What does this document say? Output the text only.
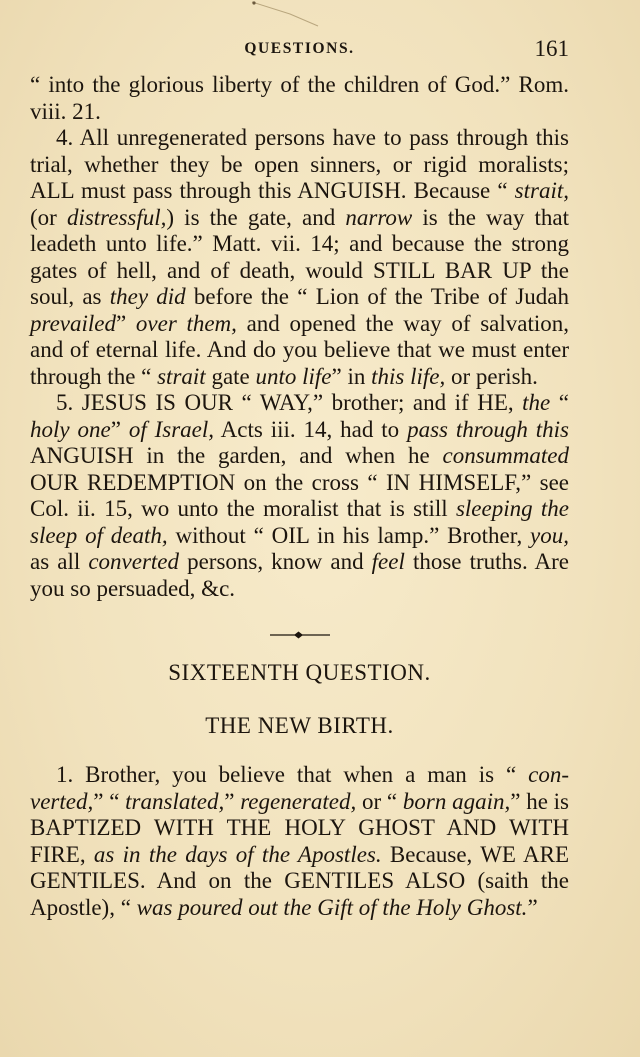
QUESTIONS.	161

“ into the glorious liberty of the children of God.” Rom. viii. 21.

4. All unregenerated persons have to pass through this trial, whether they be open sinners, or rigid moralists; ALL must pass through this ANGUISH. Because “ strait, (or distressful,) is the gate, and narrow is the way that leadeth unto life.” Matt. vii. 14; and because the strong gates of hell, and of death, would STILL BAR UP the soul, as they did before the “ Lion of the Tribe of Judah prevailed” over them, and opened the way of salvation, and of eternal life. And do you believe that we must enter through the “ strait gate unto life” in this life, or perish.

5. JESUS IS OUR “ WAY,” brother; and if HE, the “ holy one” of Israel, Acts iii. 14, had to pass through this ANGUISH in the garden, and when he consummated OUR REDEMPTION on the cross “ IN HIMSELF,” see Col. ii. 15, wo unto the moralist that is still sleeping the sleep of death, without “ OIL in his lamp.” Brother, you, as all converted persons, know and feel those truths. Are you so persuaded, &c.

SIXTEENTH QUESTION.
THE NEW BIRTH.

1. Brother, you believe that when a man is “ converted,” “ translated,” regenerated, or “ born again,” he is BAPTIZED WITH THE HOLY GHOST AND WITH FIRE, as in the days of the Apostles. Because, WE ARE GENTILES. And on the GENTILES ALSO (saith the Apostle), “ was poured out the Gift of the Holy Ghost.”
